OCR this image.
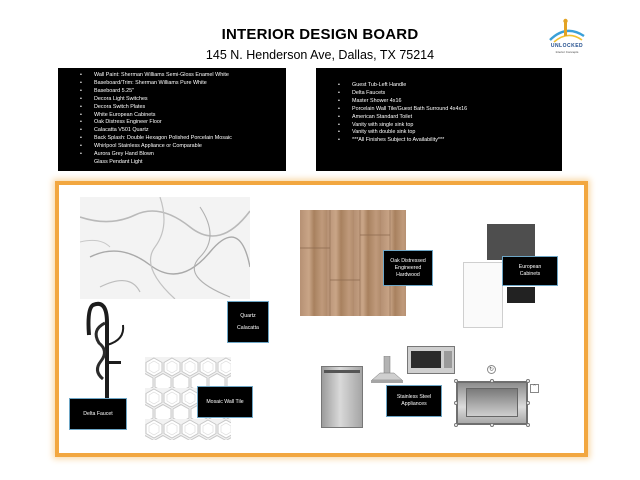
INTERIOR DESIGN BOARD
145 N. Henderson Ave, Dallas, TX 75214
UNLOCKED
Interior Concepts
• Wall Paint: Sherman Williams Semi-Gloss Enamel White
• Baseboard/Trim: Sherman Williams Pure White
• Baseboard 5.25"
• Decora Light Switches
• Decora Switch Plates
• White European Cabinets
• Oak Distress Engineer Floor
• Calacatta V501 Quartz
• Back Splash: Double Hexagon Polished Porcelain Mosaic
• Whirlpool Stainless Appliance or Comparable
• Aurora Grey Hand Blown
Glass Pendant Light
• Guest Tub-Left Handle
• Delta Faucets
• Master Shower 4x16
• Porcelain Wall Tile/Guest Bath Surround 4x4x16
• American Standard Toilet
• Vanity with single sink top
• Vanity with double sink top
• ***All Finishes Subject to Availability***
Quartz
Calacatta
Oak Distressed
Engineered
Hardwood
European
Cabinets
Delta Faucet
Mosaic Wall Tile
Stainless Steel
Appliances
↻
ˆ
